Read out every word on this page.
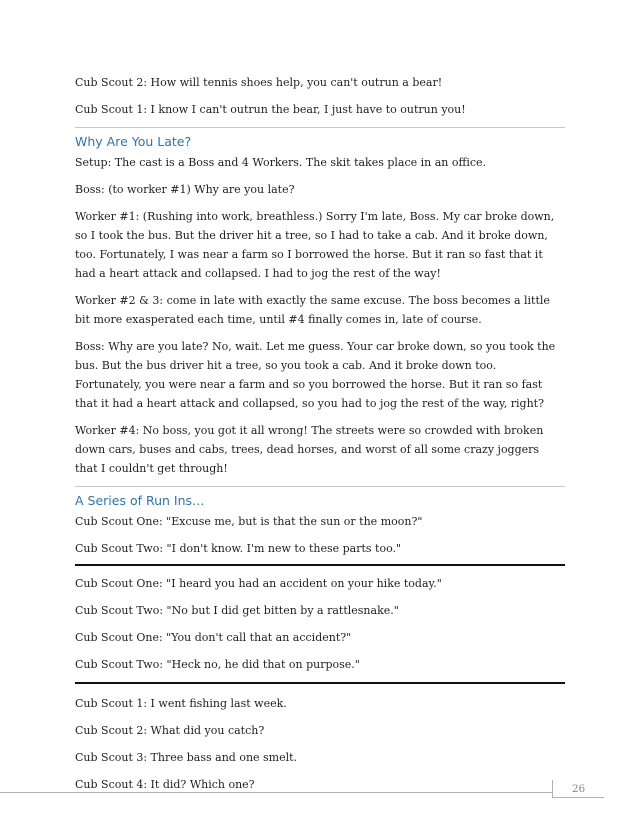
Cub Scout 2: How will tennis shoes help, you can't outrun a bear!

Cub Scout 1: I know I can't outrun the bear, I just have to outrun you!

Why Are You Late?

Setup: The cast is a Boss and 4 Workers. The skit takes place in an office.

Boss: (to worker #1) Why are you late?

Worker #1: (Rushing into work, breathless.) Sorry I'm late, Boss. My car broke down, so I took the bus. But the driver hit a tree, so I had to take a cab. And it broke down, too. Fortunately, I was near a farm so I borrowed the horse. But it ran so fast that it had a heart attack and collapsed. I had to jog the rest of the way!

Worker #2 & 3: come in late with exactly the same excuse. The boss becomes a little bit more exasperated each time, until #4 finally comes in, late of course.

Boss: Why are you late? No, wait. Let me guess. Your car broke down, so you took the bus. But the bus driver hit a tree, so you took a cab. And it broke down too. Fortunately, you were near a farm and so you borrowed the horse. But it ran so fast that it had a heart attack and collapsed, so you had to jog the rest of the way, right?

Worker #4: No boss, you got it all wrong! The streets were so crowded with broken down cars, buses and cabs, trees, dead horses, and worst of all some crazy joggers that I couldn't get through!

A Series of Run Ins…

Cub Scout One: "Excuse me, but is that the sun or the moon?"

Cub Scout Two: "I don't know. I'm new to these parts too."

Cub Scout One: "I heard you had an accident on your hike today."

Cub Scout Two: "No but I did get bitten by a rattlesnake."

Cub Scout One: "You don't call that an accident?"

Cub Scout Two: "Heck no, he did that on purpose."

Cub Scout 1: I went fishing last week.

Cub Scout 2: What did you catch?

Cub Scout 3: Three bass and one smelt.

Cub Scout 4: It did? Which one?	26
